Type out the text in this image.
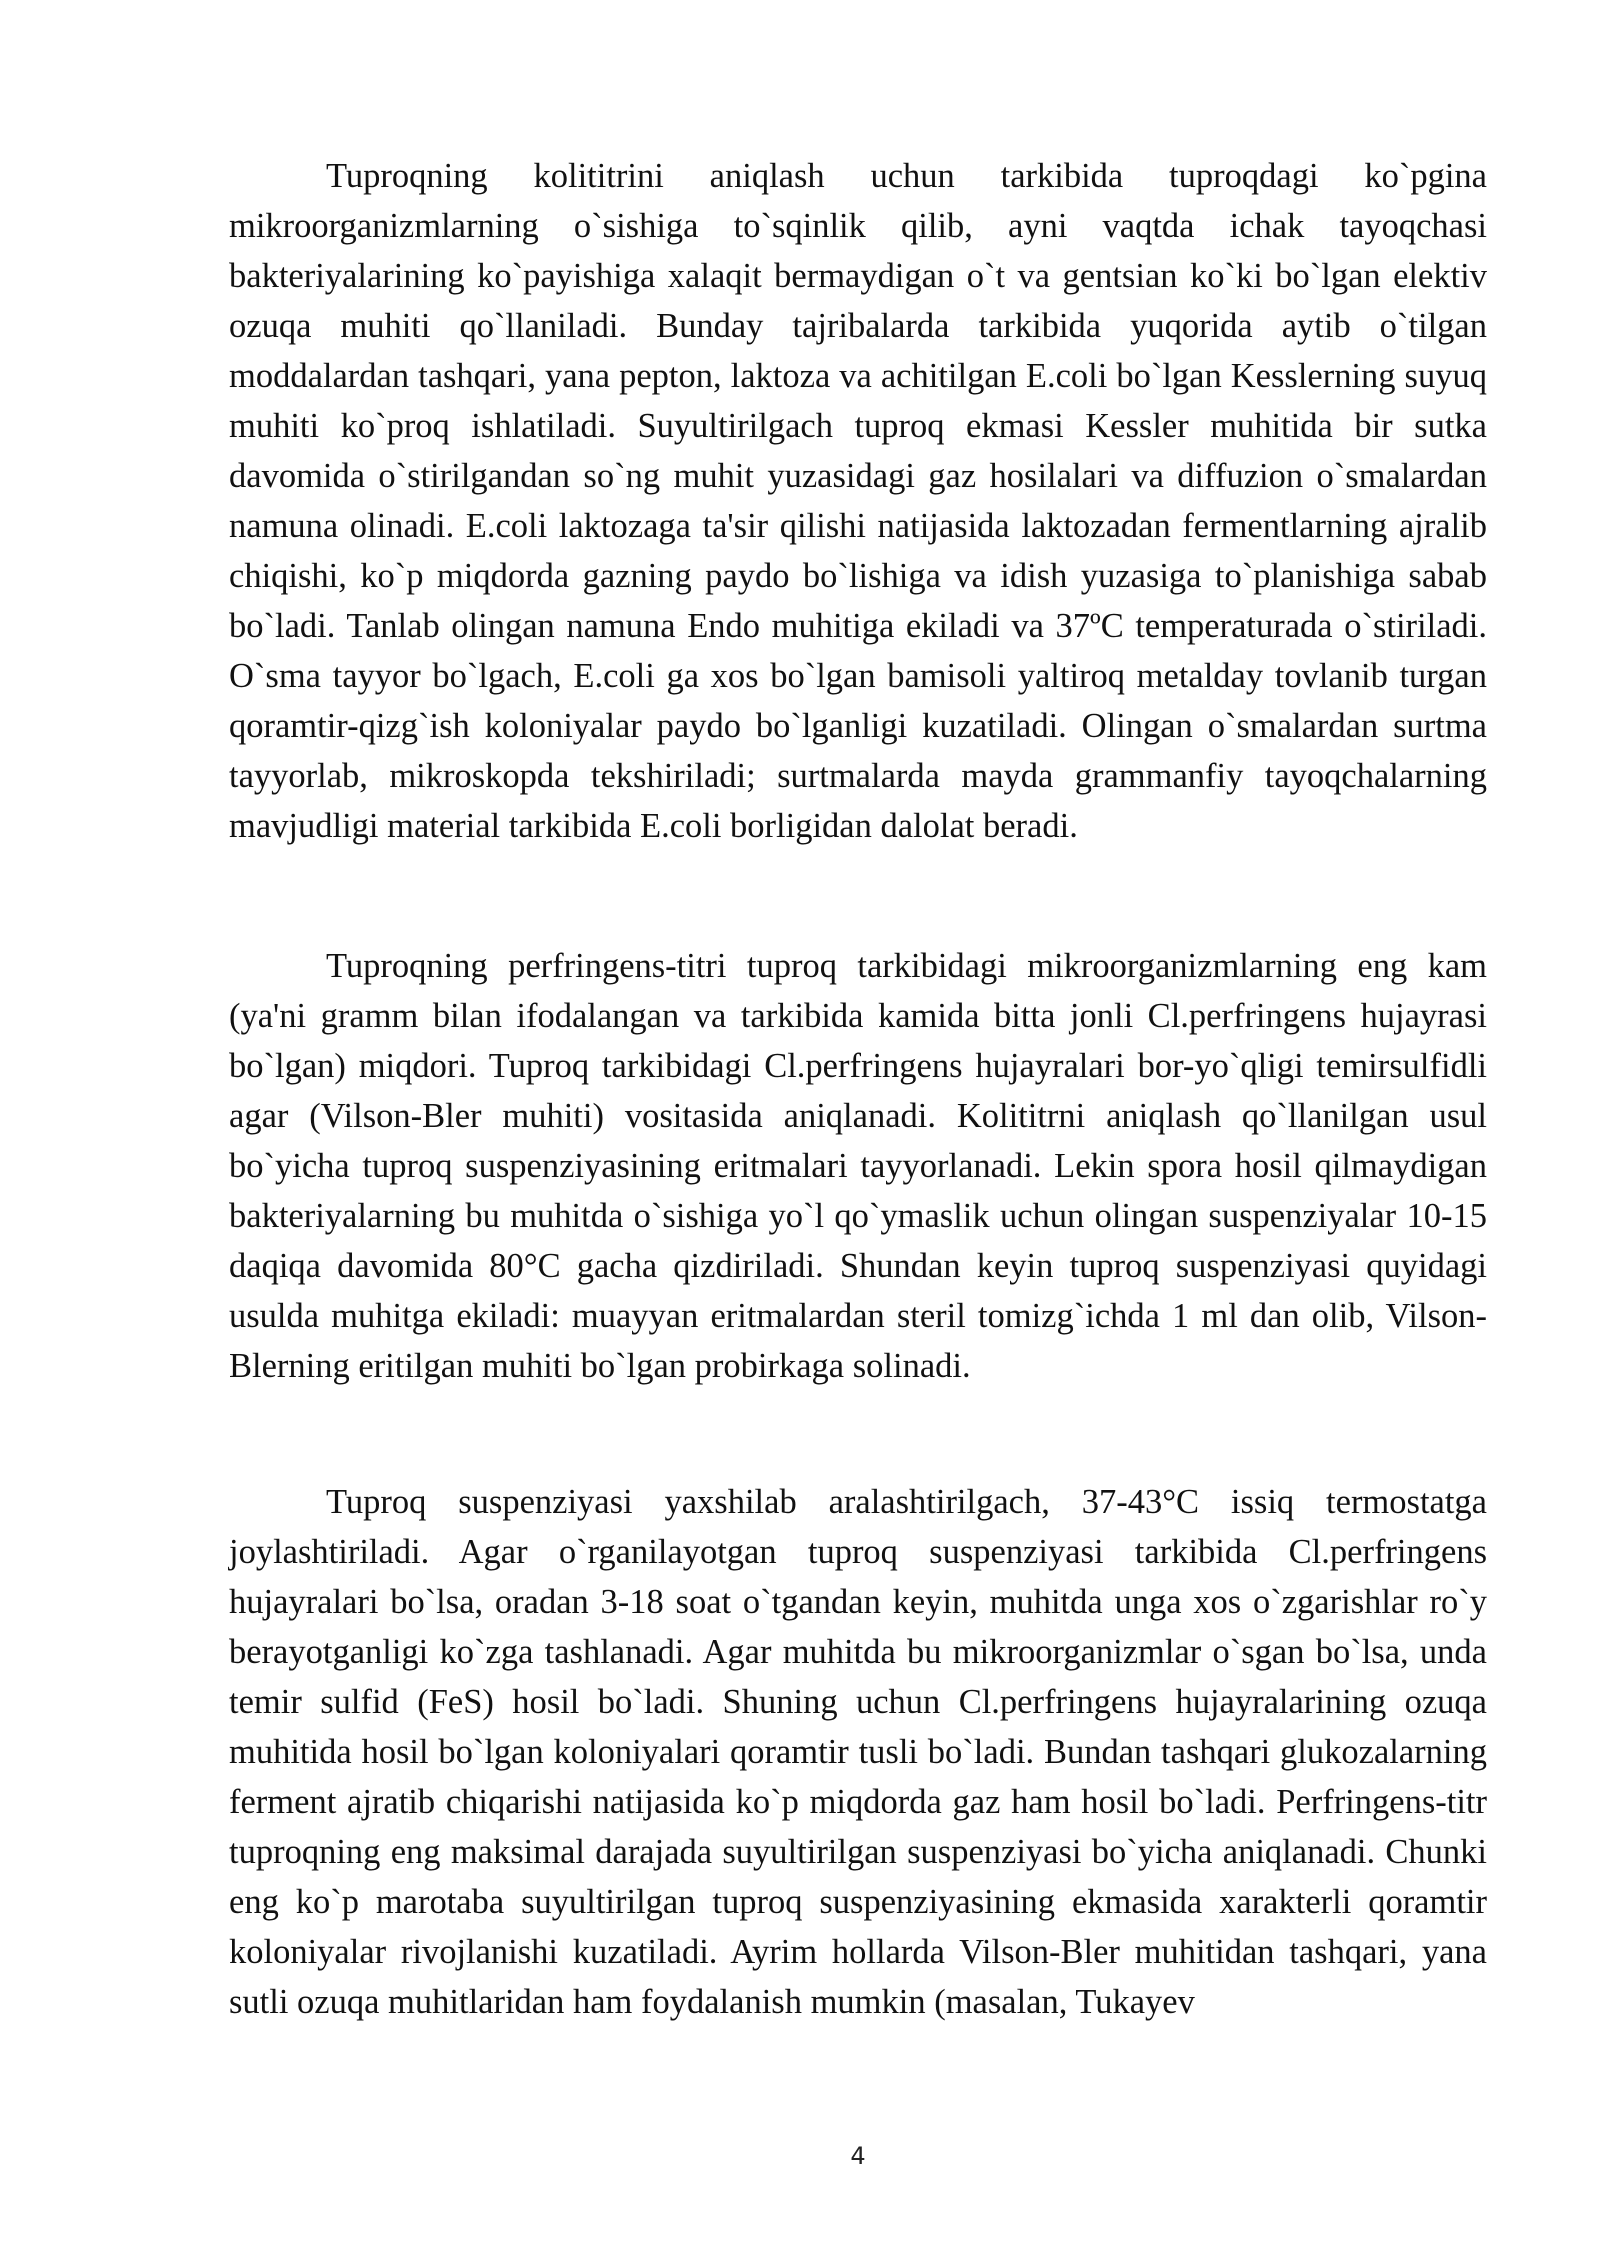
Tuproqning kolititrini aniqlash uchun tarkibida tuproqdagi ko`pgina mikroorganizmlarning o`sishiga to`sqinlik qilib, ayni vaqtda ichak tayoqchasi bakteriyalarining ko`payishiga xalaqit bermaydigan o`t va gentsian ko`ki bo`lgan elektiv ozuqa muhiti qo`llaniladi. Bunday tajribalarda tarkibida yuqorida aytib o`tilgan moddalardan tashqari, yana pepton, laktoza va achitilgan E.coli bo`lgan Kesslerning suyuq muhiti ko`proq ishlatiladi. Suyultirilgach tuproq ekmasi Kessler muhitida bir sutka davomida o`stirilgandan so`ng muhit yuzasidagi gaz hosilalari va diffuzion o`smalardan namuna olinadi. E.coli laktozaga ta'sir qilishi natijasida laktozadan fermentlarning ajralib chiqishi, ko`p miqdorda gazning paydo bo`lishiga va idish yuzasiga to`planishiga sabab bo`ladi. Tanlab olingan namuna Endo muhitiga ekiladi va 37ºC temperaturada o`stiriladi. O`sma tayyor bo`lgach, E.coli ga xos bo`lgan bamisoli yaltiroq metalday tovlanib turgan qoramtir-qizg`ish koloniyalar paydo bo`lganligi kuzatiladi. Olingan o`smalardan surtma tayyorlab, mikroskopda tekshiriladi; surtmalarda mayda grammanfiy tayoqchalarning mavjudligi material tarkibida E.coli borligidan dalolat beradi.

Tuproqning perfringens-titri tuproq tarkibidagi mikroorganizmlarning eng kam (ya'ni gramm bilan ifodalangan va tarkibida kamida bitta jonli Cl.perfringens hujayrasi bo`lgan) miqdori. Tuproq tarkibidagi Cl.perfringens hujayralari bor-yo`qligi temirsulfidli agar (Vilson-Bler muhiti) vositasida aniqlanadi. Kolititrni aniqlash qo`llanilgan usul bo`yicha tuproq suspenziyasining eritmalari tayyorlanadi. Lekin spora hosil qilmaydigan bakteriyalarning bu muhitda o`sishiga yo`l qo`ymaslik uchun olingan suspenziyalar 10-15 daqiqa davomida 80°C gacha qizdiriladi. Shundan keyin tuproq suspenziyasi quyidagi usulda muhitga ekiladi: muayyan eritmalardan steril tomizg`ichda 1 ml dan olib, Vilson-Blerning eritilgan muhiti bo`lgan probirkaga solinadi.

Tuproq suspenziyasi yaxshilab aralashtirilgach, 37-43°C issiq termostatga joylashtiriladi. Agar o`rganilayotgan tuproq suspenziyasi tarkibida Cl.perfringens hujayralari bo`lsa, oradan 3-18 soat o`tgandan keyin, muhitda unga xos o`zgarishlar ro`y berayotganligi ko`zga tashlanadi. Agar muhitda bu mikroorganizmlar o`sgan bo`lsa, unda temir sulfid (FeS) hosil bo`ladi. Shuning uchun Cl.perfringens hujayralarining ozuqa muhitida hosil bo`lgan koloniyalari qoramtir tusli bo`ladi. Bundan tashqari glukozalarning ferment ajratib chiqarishi natijasida ko`p miqdorda gaz ham hosil bo`ladi. Perfringens-titr tuproqning eng maksimal darajada suyultirilgan suspenziyasi bo`yicha aniqlanadi. Chunki eng ko`p marotaba suyultirilgan tuproq suspenziyasining ekmasida xarakterli qoramtir koloniyalar rivojlanishi kuzatiladi. Ayrim hollarda Vilson-Bler muhitidan tashqari, yana sutli ozuqa muhitlaridan ham foydalanish mumkin (masalan, Tukayev

4
